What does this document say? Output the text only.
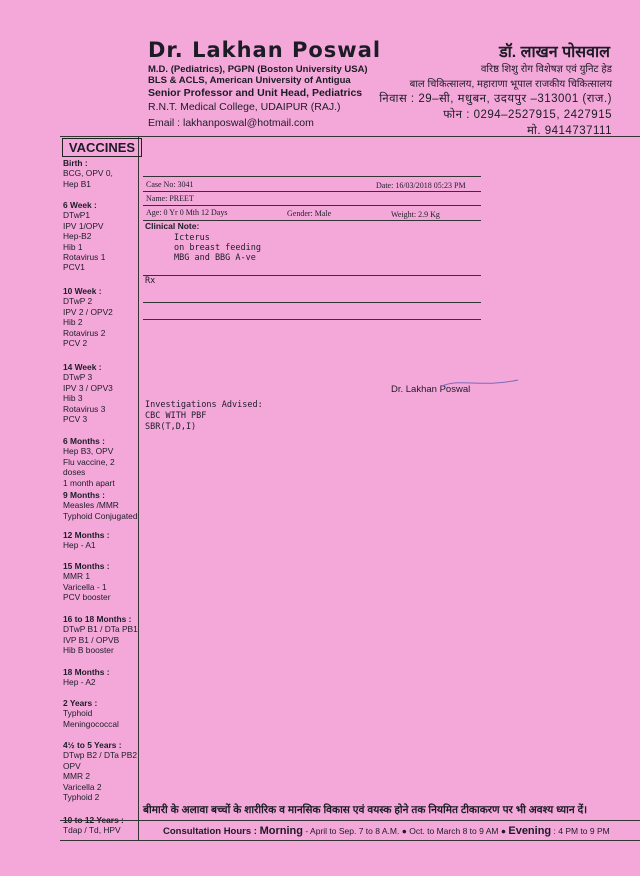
Dr. Lakhan Poswal
M.D. (Pediatrics), PGPN (Boston University USA)
BLS & ACLS, American University of Antigua
Senior Professor and Unit Head, Pediatrics
R.N.T. Medical College, UDAIPUR (RAJ.)
Email : lakhanposwal@hotmail.com
डॉ. लाखन पोसवाल
वरिष्ठ शिशु रोग विशेषज्ञ एवं युनिट हेड
बाल चिकित्सालय, महाराणा भूपाल राजकीय चिकित्सालय
निवास : 29–सी, मधुबन, उदयपुर –313001 (राज.)
फोन : 0294–2527915, 2427915
मो. 9414737111
VACCINES
Birth :
BCG, OPV 0,
Hep B1
6 Week :
DTwP1
IPV 1/OPV
Hep-B2
Hib 1
Rotavirus 1
PCV1
10 Week :
DTwP 2
IPV 2 / OPV2
Hib 2
Rotavirus 2
PCV 2
14 Week :
DTwP 3
IPV 3 / OPV3
Hib 3
Rotavirus 3
PCV 3
6 Months :
Hep B3, OPV
Flu vaccine, 2 doses
1 month apart
9 Months :
Measles /MMR
Typhoid Conjugated
12 Months :
Hep - A1
15 Months :
MMR 1
Varicella - 1
PCV booster
16 to 18 Months :
DTwP B1 / DTa PB1
IVP B1 / OPVB
Hib B booster
18 Months :
Hep - A2
2 Years :
Typhoid
Meningococcal
4½ to 5 Years :
DTwp B2 / DTa PB2
OPV
MMR 2
Varicella 2
Typhoid 2
10 to 12 Years :
Tdap / Td, HPV
Case No: 3041	Date: 16/03/2018 05:23 PM
Name: PREET
Age: 0 Yr 0 Mth 12 Days	Gender: Male	Weight: 2.9 Kg
Clinical Note:
Icterus
on breast feeding
MBG and BBG A-ve
Rx
Dr. Lakhan Poswal
Investigations Advised:
CBC WITH PBF
SBR(T,D,I)
बीमारी के अलावा बच्चों के शारीरिक व मानसिक विकास एवं वयस्क होने तक नियमित टीकाकरण पर भी अवश्य ध्यान दें।
Consultation Hours : Morning - April to Sep. 7 to 8 A.M. ● Oct. to March 8 to 9 AM ● Evening : 4 PM to 9 PM
